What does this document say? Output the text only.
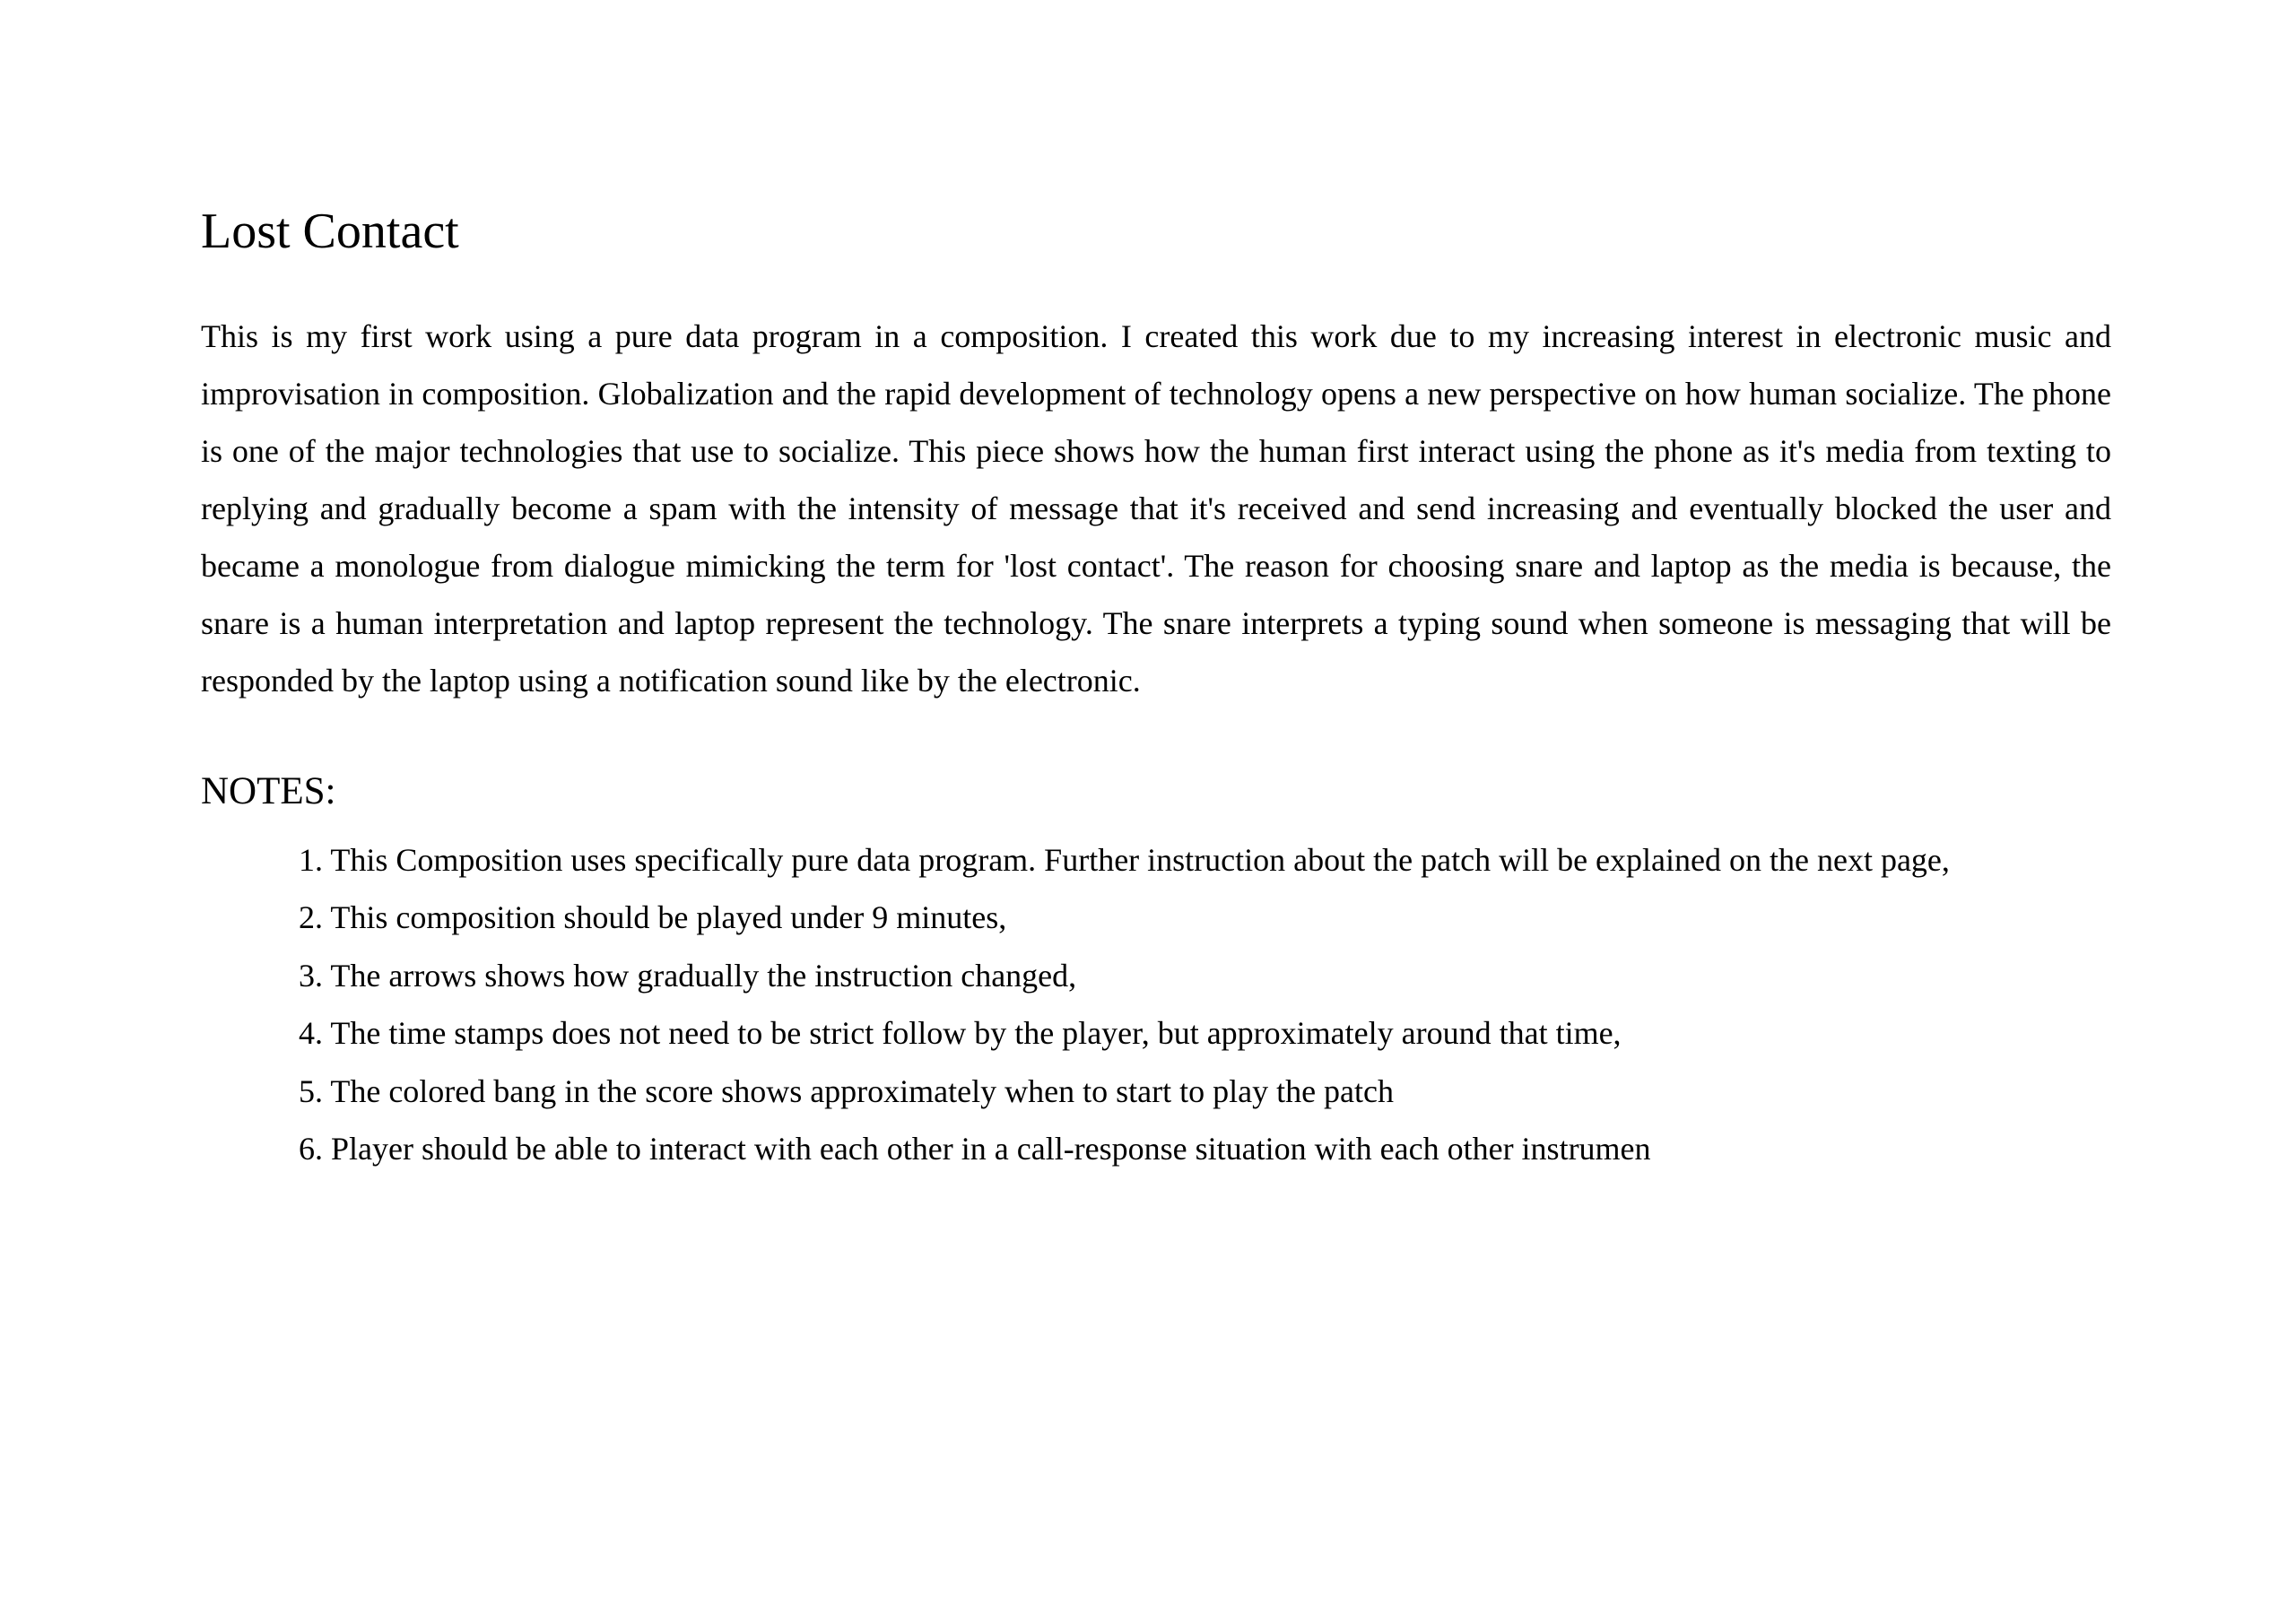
Lost Contact

This is my first work using a pure data program in a composition. I created this work due to my increasing interest in electronic music and improvisation in composition. Globalization and the rapid development of technology opens a new perspective on how human socialize. The phone is one of the major technologies that use to socialize. This piece shows how the human first interact using the phone as it's media from texting to replying and gradually become a spam with the intensity of message that it's received and send increasing and eventually blocked the user and became a monologue from dialogue mimicking the term for 'lost contact'. The reason for choosing snare and laptop as the media is because, the snare is a human interpretation and laptop represent the technology. The snare interprets a typing sound when someone is messaging that will be responded by the laptop using a notification sound like by the electronic.

NOTES:
1. This Composition uses specifically pure data program. Further instruction about the patch will be explained on the next page,
2. This composition should be played under 9 minutes,
3. The arrows shows how gradually the instruction changed,
4. The time stamps does not need to be strict follow by the player, but approximately around that time,
5. The colored bang in the score shows approximately when to start to play the patch
6. Player should be able to interact with each other in a call-response situation with each other instrumen
